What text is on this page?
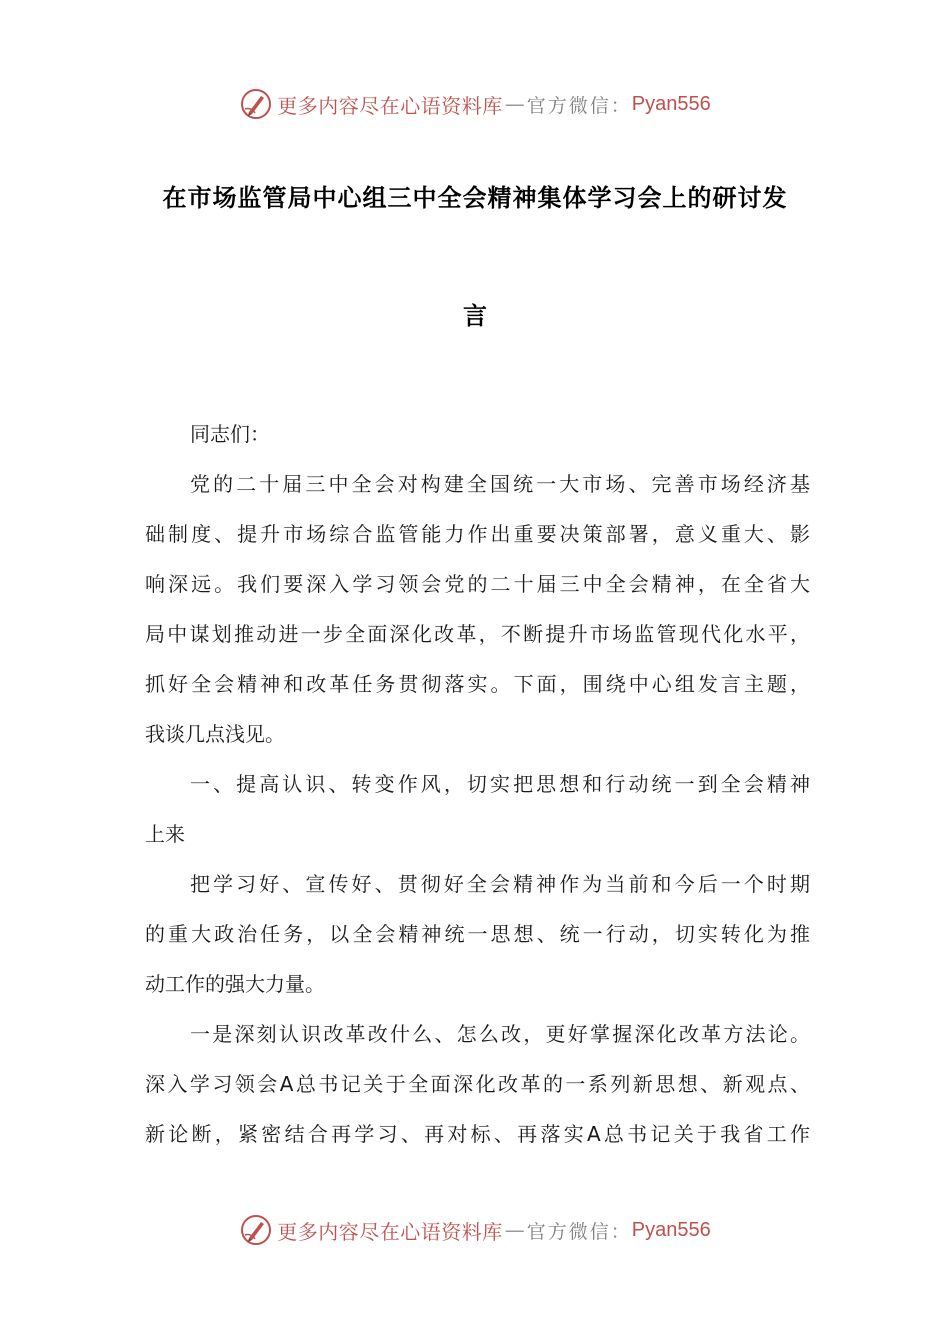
更多内容尽在心语资料库 — 官方微信： Pyan556
在市场监管局中心组三中全会精神集体学习会上的研讨发
言
同志们：
党的二十届三中全会对构建全国统一大市场、完善市场经济基
础制度、提升市场综合监管能力作出重要决策部署，意义重大、影
响深远。我们要深入学习领会党的二十届三中全会精神，在全省大
局中谋划推动进一步全面深化改革，不断提升市场监管现代化水平，
抓好全会精神和改革任务贯彻落实。下面，围绕中心组发言主题，
我谈几点浅见。
一、提高认识、转变作风，切实把思想和行动统一到全会精神
上来
把学习好、宣传好、贯彻好全会精神作为当前和今后一个时期
的重大政治任务，以全会精神统一思想、统一行动，切实转化为推
动工作的强大力量。
一是深刻认识改革改什么、怎么改，更好掌握深化改革方法论。
深入学习领会A总书记关于全面深化改革的一系列新思想、新观点、
新论断，紧密结合再学习、再对标、再落实A总书记关于我省工作
更多内容尽在心语资料库 — 官方微信： Pyan556
